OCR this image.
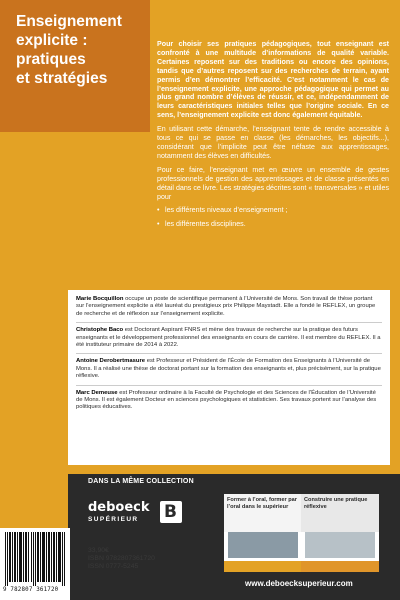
Enseignement
explicite :
pratiques
et stratégies

Pour choisir ses pratiques pédagogiques, tout enseignant est confronté à une multitude d’informations de qualité variable. Certaines reposent sur des traditions ou encore des opinions, tandis que d’autres reposent sur des recherches de terrain, ayant permis d’en démontrer l’efficacité. C’est notamment le cas de l’enseignement explicite, une approche pédagogique qui permet au plus grand nombre d’élèves de réussir, et ce, indépendamment de leurs caractéristiques initiales telles que l’origine sociale. En ce sens, l’enseignement explicite est donc également équitable.

En utilisant cette démarche, l’enseignant tente de rendre accessible à tous ce qui se passe en classe (les démarches, les objectifs...), considérant que l’implicite peut être néfaste aux apprentissages, notamment des élèves en difficultés.

Pour ce faire, l’enseignant met en œuvre un ensemble de gestes professionnels de gestion des apprentissages et de classe présentés en détail dans ce livre. Les stratégies décrites sont « transversales » et utiles pour

• les différents niveaux d’enseignement ;
• les différentes disciplines.
Marie Bocquillon occupe un poste de scientifique permanent à l’Université de Mons. Son travail de thèse portant sur l’enseignement explicite a été lauréat du prestigieux prix Philippe Maystadt. Elle a fondé le REFLEX, un groupe de recherche et de réflexion sur l’enseignement explicite.
Christophe Baco est Doctorant Aspirant FNRS et mène des travaux de recherche sur la pratique des futurs enseignants et le développement professionnel des enseignants en cours de carrière. Il est membre du REFLEX. Il a été instituteur primaire de 2014 à 2022.
Antoine Derobertmasure est Professeur et Président de l’École de Formation des Enseignants à l’Université de Mons. Il a réalisé une thèse de doctorat portant sur la formation des enseignants et, plus précisément, sur la pratique réflexive.
Marc Demeuse est Professeur ordinaire à la Faculté de Psychologie et des Sciences de l’Éducation de l’Université de Mons. Il est également Docteur en sciences psychologiques et statisticien. Ses travaux portent sur l’analyse des politiques éducatives.
DANS LA MÊME COLLECTION
deboeck
SUPÉRIEUR
B
Former à l’oral, former par l’oral dans le supérieur
Construire une pratique réflexive
9 782807 361720
33,90€
ISBN 9782807361720
ISSN 0777-5245
www.deboecksuperieur.com
